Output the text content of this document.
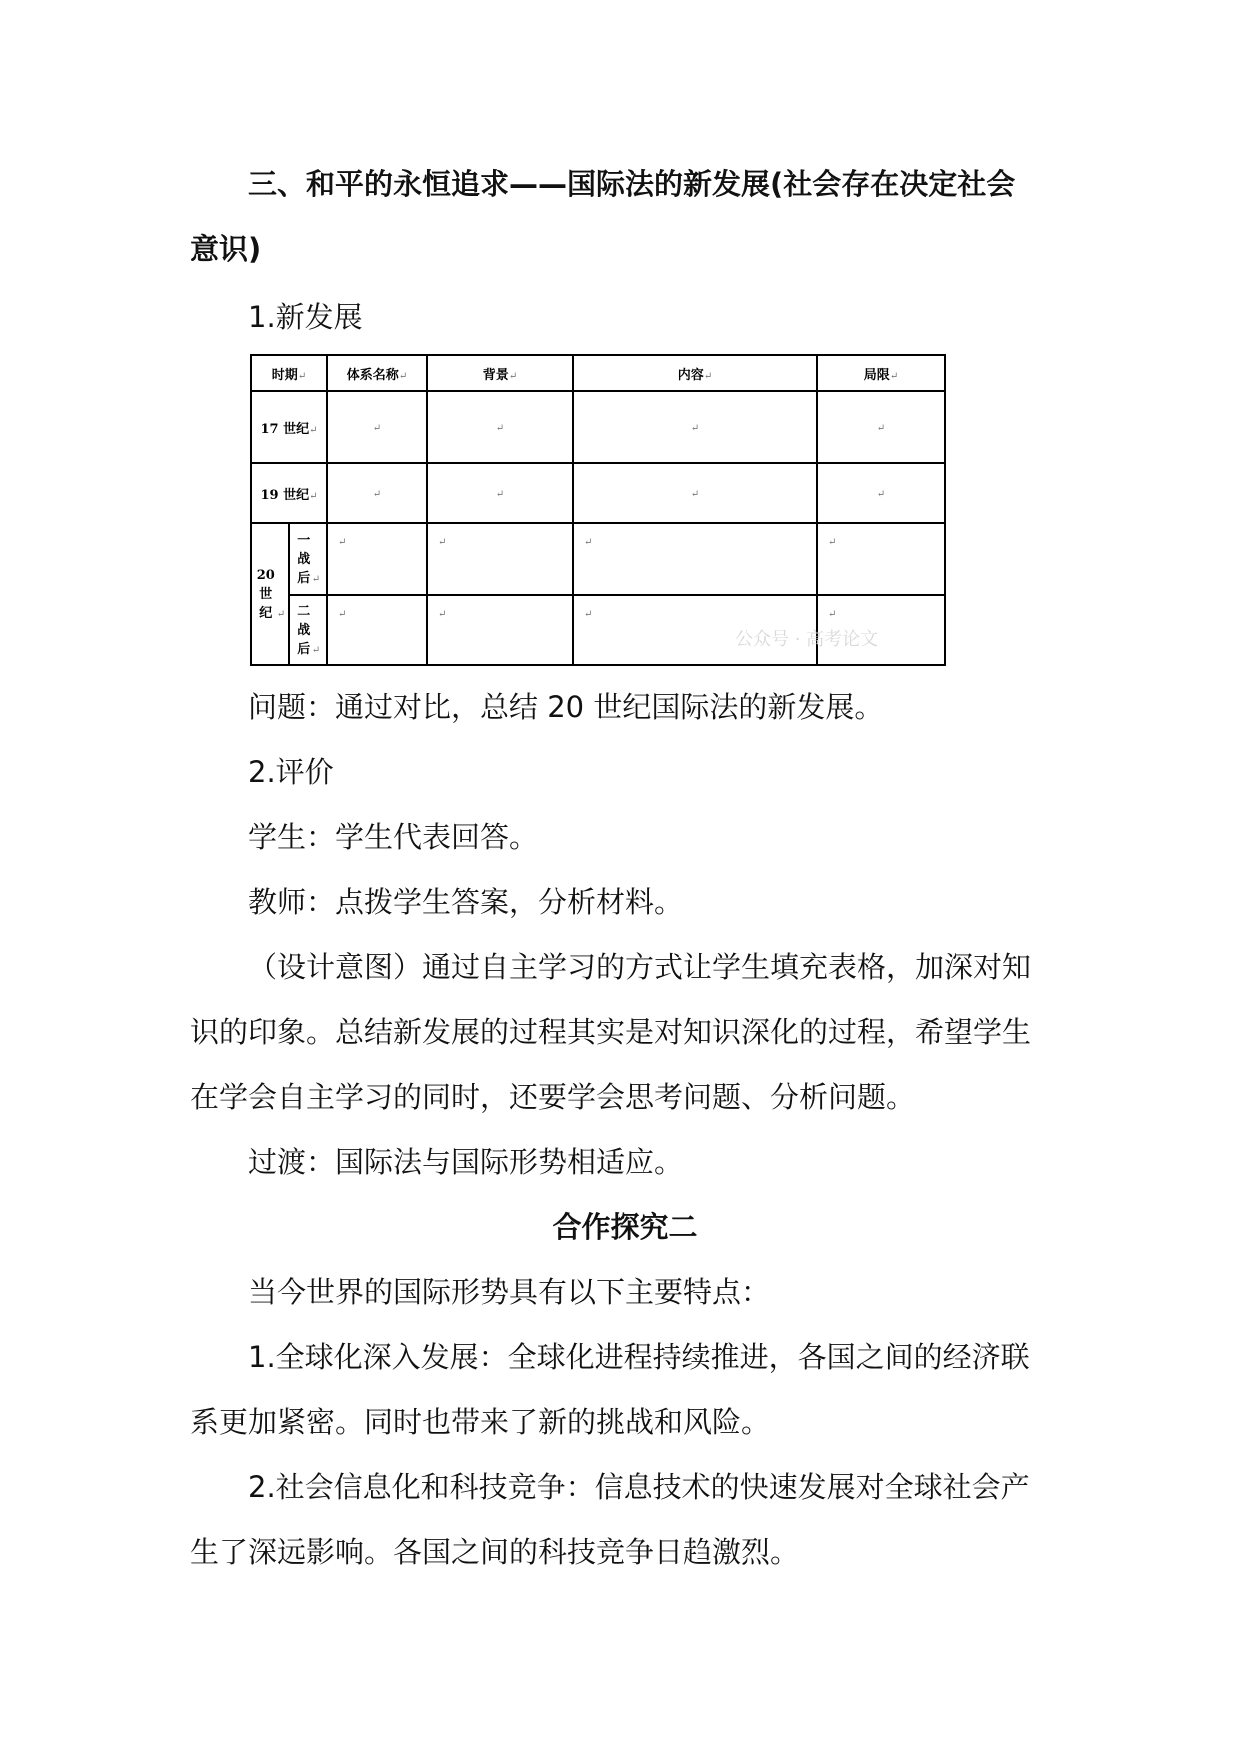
三、和平的永恒追求——国际法的新发展(社会存在决定社会
意识)
1.新发展
时期↵		体系名称↵	背景↵	内容↵	局限↵
17 世纪↵		↵	↵	↵	↵
19 世纪↵		↵	↵	↵	↵
20 世纪 ↵	一战后 ↵	↵	↵	↵	↵
	二战后 ↵	↵	↵	↵	↵
公众号 · 高考论文
问题：通过对比，总结 20 世纪国际法的新发展。
2.评价
学生：学生代表回答。
教师：点拨学生答案，分析材料。
（设计意图）通过自主学习的方式让学生填充表格，加深对知
识的印象。总结新发展的过程其实是对知识深化的过程，希望学生
在学会自主学习的同时，还要学会思考问题、分析问题。
过渡：国际法与国际形势相适应。
合作探究二
当今世界的国际形势具有以下主要特点：
1.全球化深入发展：全球化进程持续推进，各国之间的经济联
系更加紧密。同时也带来了新的挑战和风险。
2.社会信息化和科技竞争：信息技术的快速发展对全球社会产
生了深远影响。各国之间的科技竞争日趋激烈。
